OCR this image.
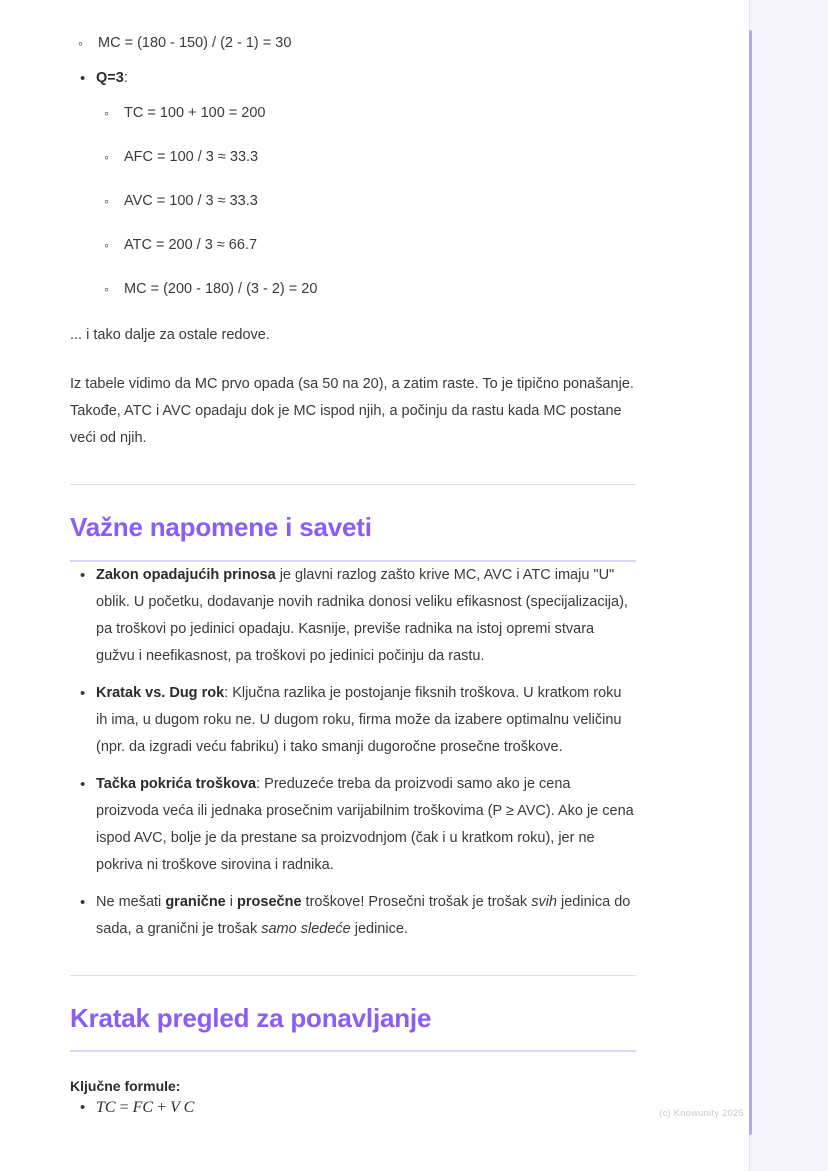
◦ MC = (180 - 150) / (2 - 1) = 30
• Q=3:
◦ TC = 100 + 100 = 200
◦ AFC = 100 / 3 ≈ 33.3
◦ AVC = 100 / 3 ≈ 33.3
◦ ATC = 200 / 3 ≈ 66.7
◦ MC = (200 - 180) / (3 - 2) = 20

... i tako dalje za ostale redove.

Iz tabele vidimo da MC prvo opada (sa 50 na 20), a zatim raste. To je tipično ponašanje. Takođe, ATC i AVC opadaju dok je MC ispod njih, a počinju da rastu kada MC postane veći od njih.

Važne napomene i saveti
• Zakon opadajućih prinosa je glavni razlog zašto krive MC, AVC i ATC imaju "U" oblik. U početku, dodavanje novih radnika donosi veliku efikasnost (specijalizacija), pa troškovi po jedinici opadaju. Kasnije, previše radnika na istoj opremi stvara gužvu i neefikasnost, pa troškovi po jedinici počinju da rastu.
• Kratak vs. Dug rok: Ključna razlika je postojanje fiksnih troškova. U kratkom roku ih ima, u dugom roku ne. U dugom roku, firma može da izabere optimalnu veličinu (npr. da izgradi veću fabriku) i tako smanji dugoročne prosečne troškove.
• Tačka pokrića troškova: Preduzeće treba da proizvodi samo ako je cena proizvoda veća ili jednaka prosečnim varijabilnim troškovima (P ≥ AVC). Ako je cena ispod AVC, bolje je da prestane sa proizvodnjom (čak i u kratkom roku), jer ne pokriva ni troškove sirovina i radnika.
• Ne mešati granične i prosečne troškove! Prosečni trošak je trošak svih jedinica do sada, a granični je trošak samo sledeće jedinice.
Kratak pregled za ponavljanje

Ključne formule:

• TC = FC + V C	(c) Knowunity 2025
